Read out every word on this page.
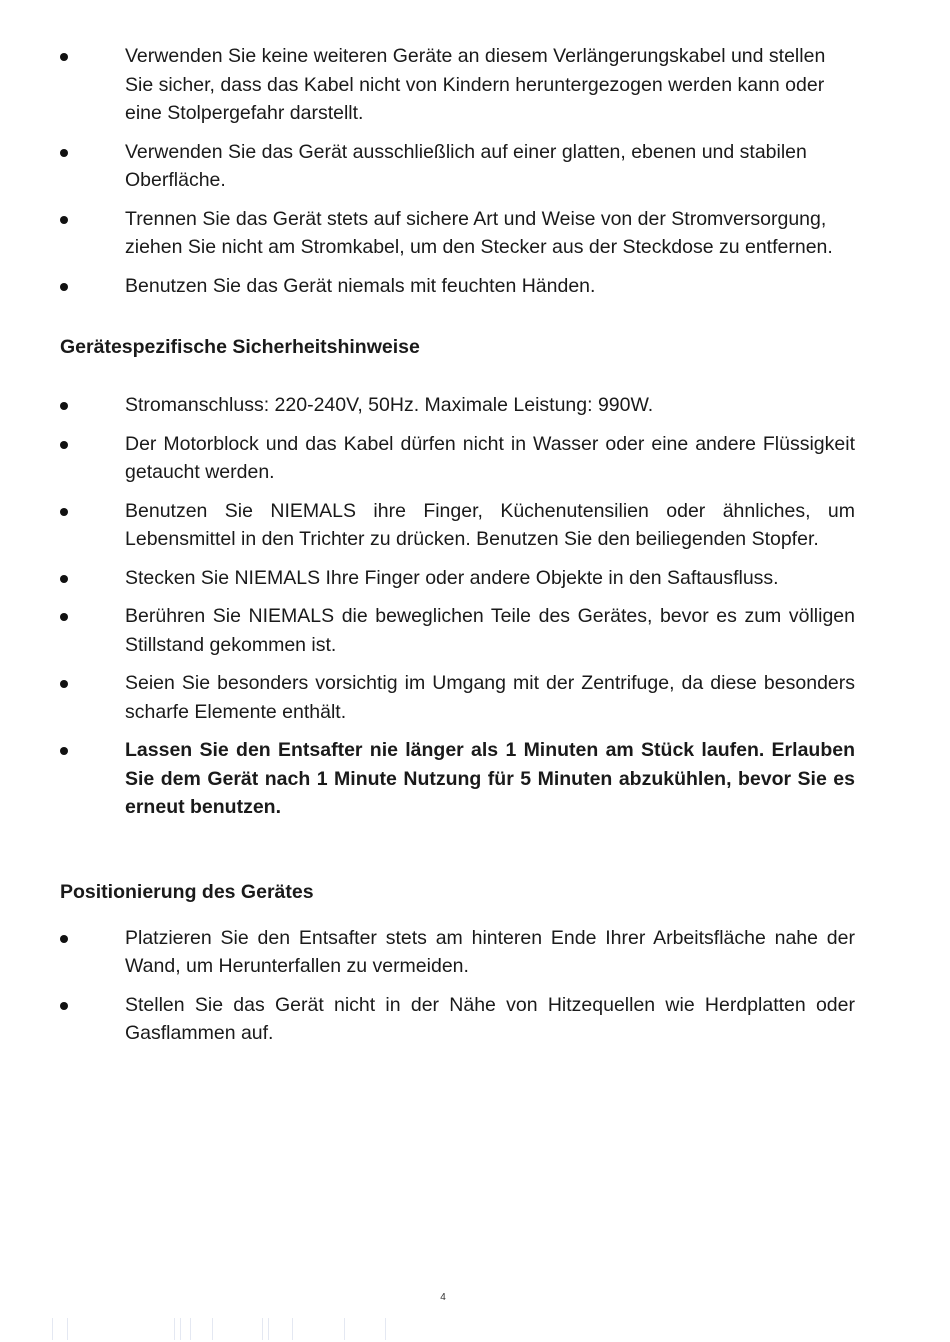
Verwenden Sie keine weiteren Geräte an diesem Verlängerungskabel und stellen Sie sicher, dass das Kabel nicht von Kindern heruntergezogen werden kann oder eine Stolpergefahr darstellt.
Verwenden Sie das Gerät ausschließlich auf einer glatten, ebenen und stabilen Oberfläche.
Trennen Sie das Gerät stets auf sichere Art und Weise von der Stromversorgung, ziehen Sie nicht am Stromkabel, um den Stecker aus der Steckdose zu entfernen.
Benutzen Sie das Gerät niemals mit feuchten Händen.
Gerätespezifische Sicherheitshinweise
Stromanschluss: 220-240V, 50Hz. Maximale Leistung: 990W.
Der Motorblock und das Kabel dürfen nicht in Wasser oder eine andere Flüssigkeit getaucht werden.
Benutzen Sie NIEMALS ihre Finger, Küchenutensilien oder ähnliches, um Lebensmittel in den Trichter zu drücken. Benutzen Sie den beiliegenden Stopfer.
Stecken Sie NIEMALS Ihre Finger oder andere Objekte in den Saftausfluss.
Berühren Sie NIEMALS die beweglichen Teile des Gerätes, bevor es zum völligen Stillstand gekommen ist.
Seien Sie besonders vorsichtig im Umgang mit der Zentrifuge, da diese besonders scharfe Elemente enthält.
Lassen Sie den Entsafter nie länger als 1 Minuten am Stück laufen. Erlauben Sie dem Gerät nach 1 Minute Nutzung für 5 Minuten abzukühlen, bevor Sie es erneut benutzen.
Positionierung des Gerätes
Platzieren Sie den Entsafter stets am hinteren Ende Ihrer Arbeitsfläche nahe der Wand, um Herunterfallen zu vermeiden.
Stellen Sie das Gerät nicht in der Nähe von Hitzequellen wie Herdplatten oder Gasflammen auf.
4
